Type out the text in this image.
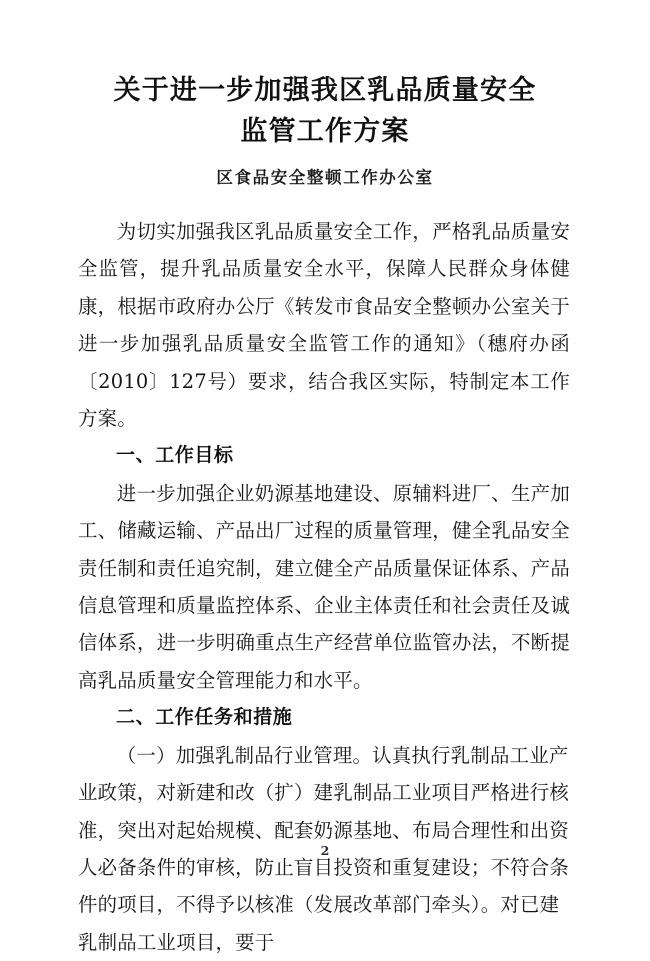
关于进一步加强我区乳品质量安全
监管工作方案
区食品安全整顿工作办公室

为切实加强我区乳品质量安全工作，严格乳品质量安全监管，提升乳品质量安全水平，保障人民群众身体健康，根据市政府办公厅《转发市食品安全整顿办公室关于进一步加强乳品质量安全监管工作的通知》（穗府办函〔2010〕127号）要求，结合我区实际，特制定本工作方案。

一、工作目标

进一步加强企业奶源基地建设、原辅料进厂、生产加工、储藏运输、产品出厂过程的质量管理，健全乳品安全责任制和责任追究制，建立健全产品质量保证体系、产品信息管理和质量监控体系、企业主体责任和社会责任及诚信体系，进一步明确重点生产经营单位监管办法，不断提高乳品质量安全管理能力和水平。

二、工作任务和措施

（一）加强乳制品行业管理。认真执行乳制品工业产业政策，对新建和改（扩）建乳制品工业项目严格进行核准，突出对起始规模、配套奶源基地、布局合理性和出资人必备条件的审核，防止盲目投资和重复建设；不符合条件的项目，不得予以核准（发展改革部门牵头）。对已建乳制品工业项目，要于

2
